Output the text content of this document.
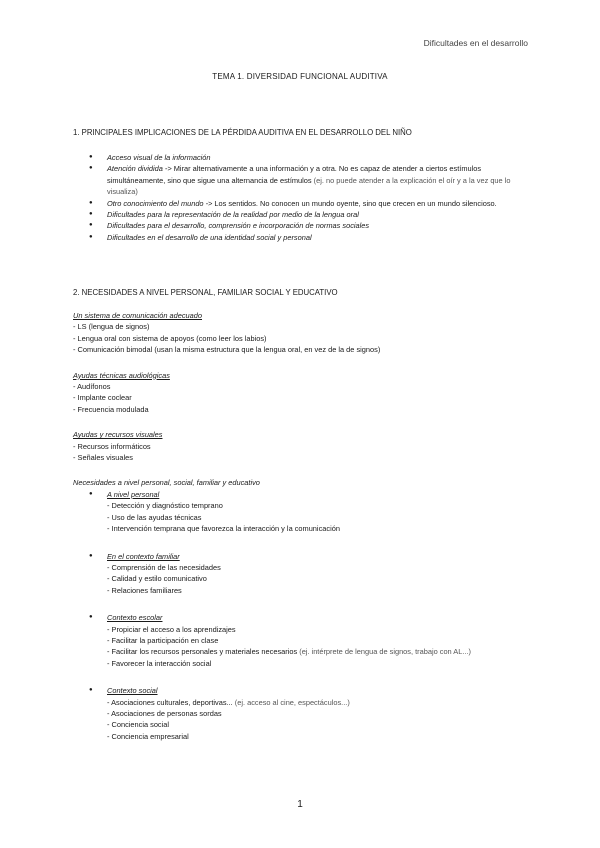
Dificultades en el desarrollo
TEMA 1. DIVERSIDAD FUNCIONAL AUDITIVA
1. PRINCIPALES IMPLICACIONES DE LA PÉRDIDA AUDITIVA EN EL DESARROLLO DEL NIÑO
● Acceso visual de la información
● Atención dividida -> Mirar alternativamente a una información y a otra. No es capaz de atender a ciertos estímulos simultáneamente, sino que sigue una alternancia de estímulos (ej. no puede atender a la explicación el oír y a la vez que lo visualiza)
● Otro conocimiento del mundo -> Los sentidos. No conocen un mundo oyente, sino que crecen en un mundo silencioso.
● Dificultades para la representación de la realidad por medio de la lengua oral
● Dificultades para el desarrollo, comprensión e incorporación de normas sociales
● Dificultades en el desarrollo de una identidad social y personal
2. NECESIDADES A NIVEL PERSONAL, FAMILIAR SOCIAL Y EDUCATIVO
Un sistema de comunicación adecuado
- LS (lengua de signos)
- Lengua oral con sistema de apoyos (como leer los labios)
- Comunicación bimodal (usan la misma estructura que la lengua oral, en vez de la de signos)
Ayudas técnicas audiológicas
- Audífonos
- Implante coclear
- Frecuencia modulada
Ayudas y recursos visuales
- Recursos informáticos
- Señales visuales
Necesidades a nivel personal, social, familiar y educativo
● A nivel personal
- Detección y diagnóstico temprano
- Uso de las ayudas técnicas
- Intervención temprana que favorezca la interacción y la comunicación
● En el contexto familiar
- Comprensión de las necesidades
- Calidad y estilo comunicativo
- Relaciones familiares
● Contexto escolar
- Propiciar el acceso a los aprendizajes
- Facilitar la participación en clase
- Facilitar los recursos personales y materiales necesarios (ej. intérprete de lengua de signos, trabajo con AL...)
- Favorecer la interacción social
● Contexto social
- Asociaciones culturales, deportivas... (ej. acceso al cine, espectáculos...)
- Asociaciones de personas sordas
- Conciencia social
- Conciencia empresarial
1
